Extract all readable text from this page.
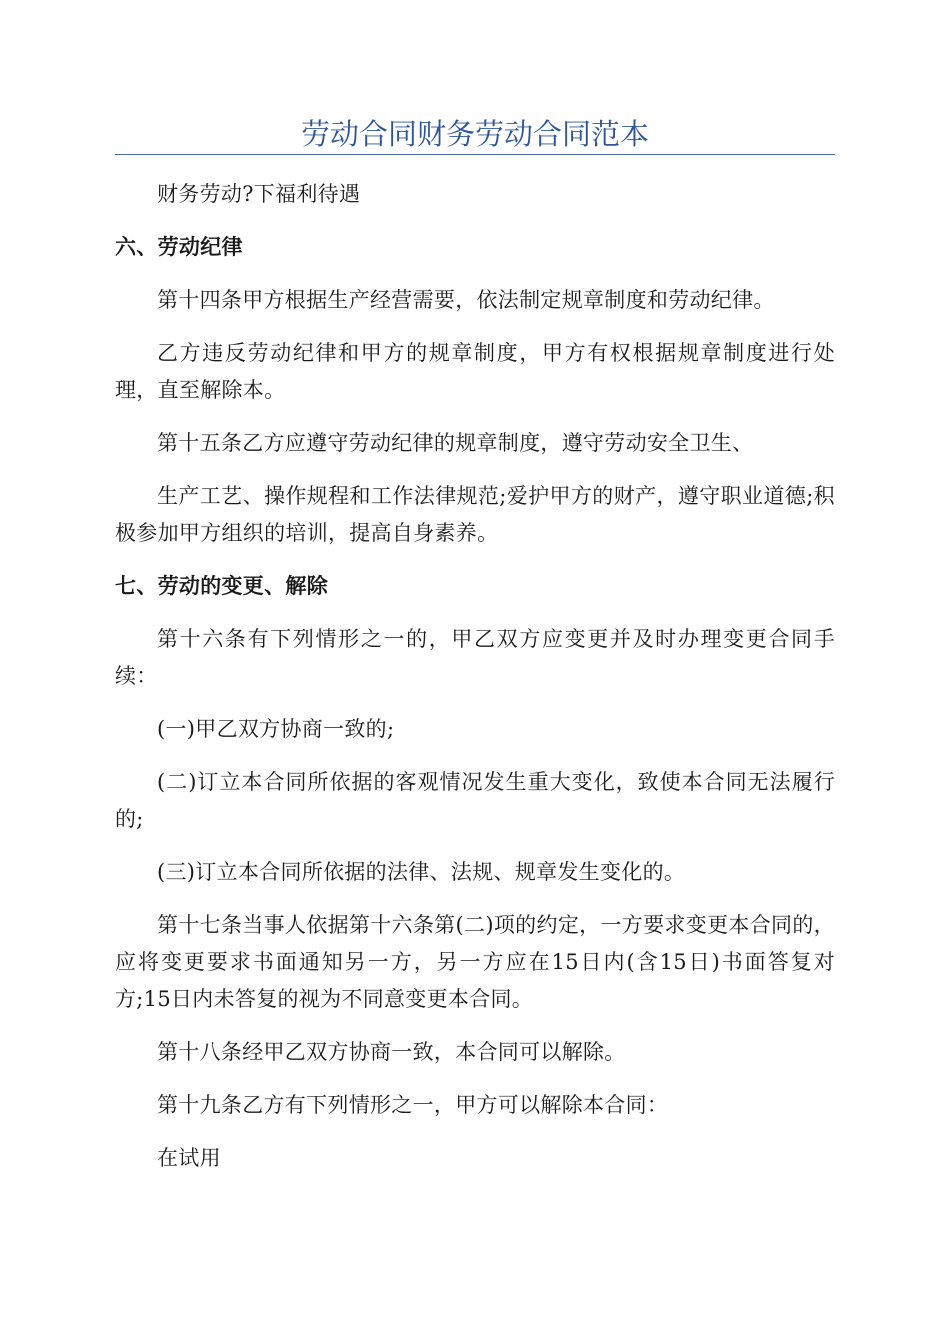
劳动合同财务劳动合同范本

财务劳动?下福利待遇

六、劳动纪律

第十四条甲方根据生产经营需要，依法制定规章制度和劳动纪律。

乙方违反劳动纪律和甲方的规章制度，甲方有权根据规章制度进行处理，直至解除本。

第十五条乙方应遵守劳动纪律的规章制度，遵守劳动安全卫生、

生产工艺、操作规程和工作法律规范;爱护甲方的财产，遵守职业道德;积极参加甲方组织的培训，提高自身素养。

七、劳动的变更、解除

第十六条有下列情形之一的，甲乙双方应变更并及时办理变更合同手续：

(一)甲乙双方协商一致的;

(二)订立本合同所依据的客观情况发生重大变化，致使本合同无法履行的;

(三)订立本合同所依据的法律、法规、规章发生变化的。

第十七条当事人依据第十六条第(二)项的约定，一方要求变更本合同的，应将变更要求书面通知另一方，另一方应在15日内(含15日)书面答复对方;15日内未答复的视为不同意变更本合同。

第十八条经甲乙双方协商一致，本合同可以解除。

第十九条乙方有下列情形之一，甲方可以解除本合同：

在试用
